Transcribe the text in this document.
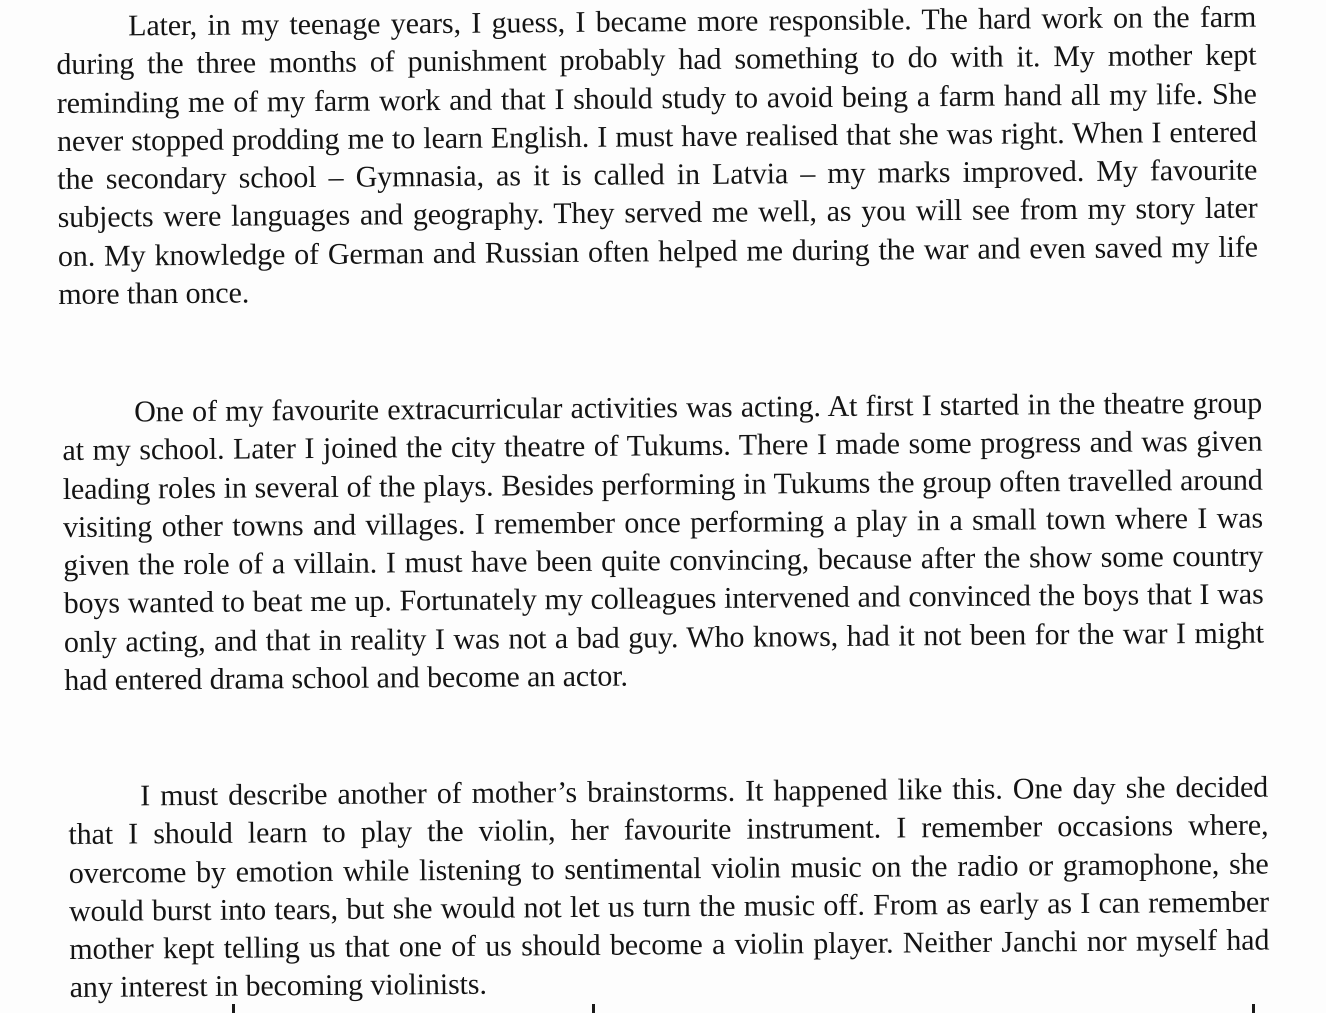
Later, in my teenage years, I guess, I became more responsible. The hard work on the farm during the three months of punishment probably had something to do with it. My mother kept reminding me of my farm work and that I should study to avoid being a farm hand all my life. She never stopped prodding me to learn English. I must have realised that she was right. When I entered the secondary school – Gymnasia, as it is called in Latvia – my marks improved. My favourite subjects were languages and geography. They served me well, as you will see from my story later on. My knowledge of German and Russian often helped me during the war and even saved my life more than once.

One of my favourite extracurricular activities was acting. At first I started in the theatre group at my school. Later I joined the city theatre of Tukums. There I made some progress and was given leading roles in several of the plays. Besides performing in Tukums the group often travelled around visiting other towns and villages. I remember once performing a play in a small town where I was given the role of a villain. I must have been quite convincing, because after the show some country boys wanted to beat me up. Fortunately my colleagues intervened and convinced the boys that I was only acting, and that in reality I was not a bad guy. Who knows, had it not been for the war I might had entered drama school and become an actor.

I must describe another of mother’s brainstorms. It happened like this. One day she decided that I should learn to play the violin, her favourite instrument. I remember occasions where, overcome by emotion while listening to sentimental violin music on the radio or gramophone, she would burst into tears, but she would not let us turn the music off. From as early as I can remember mother kept telling us that one of us should become a violin player. Neither Janchi nor myself had any interest in becoming violinists.
